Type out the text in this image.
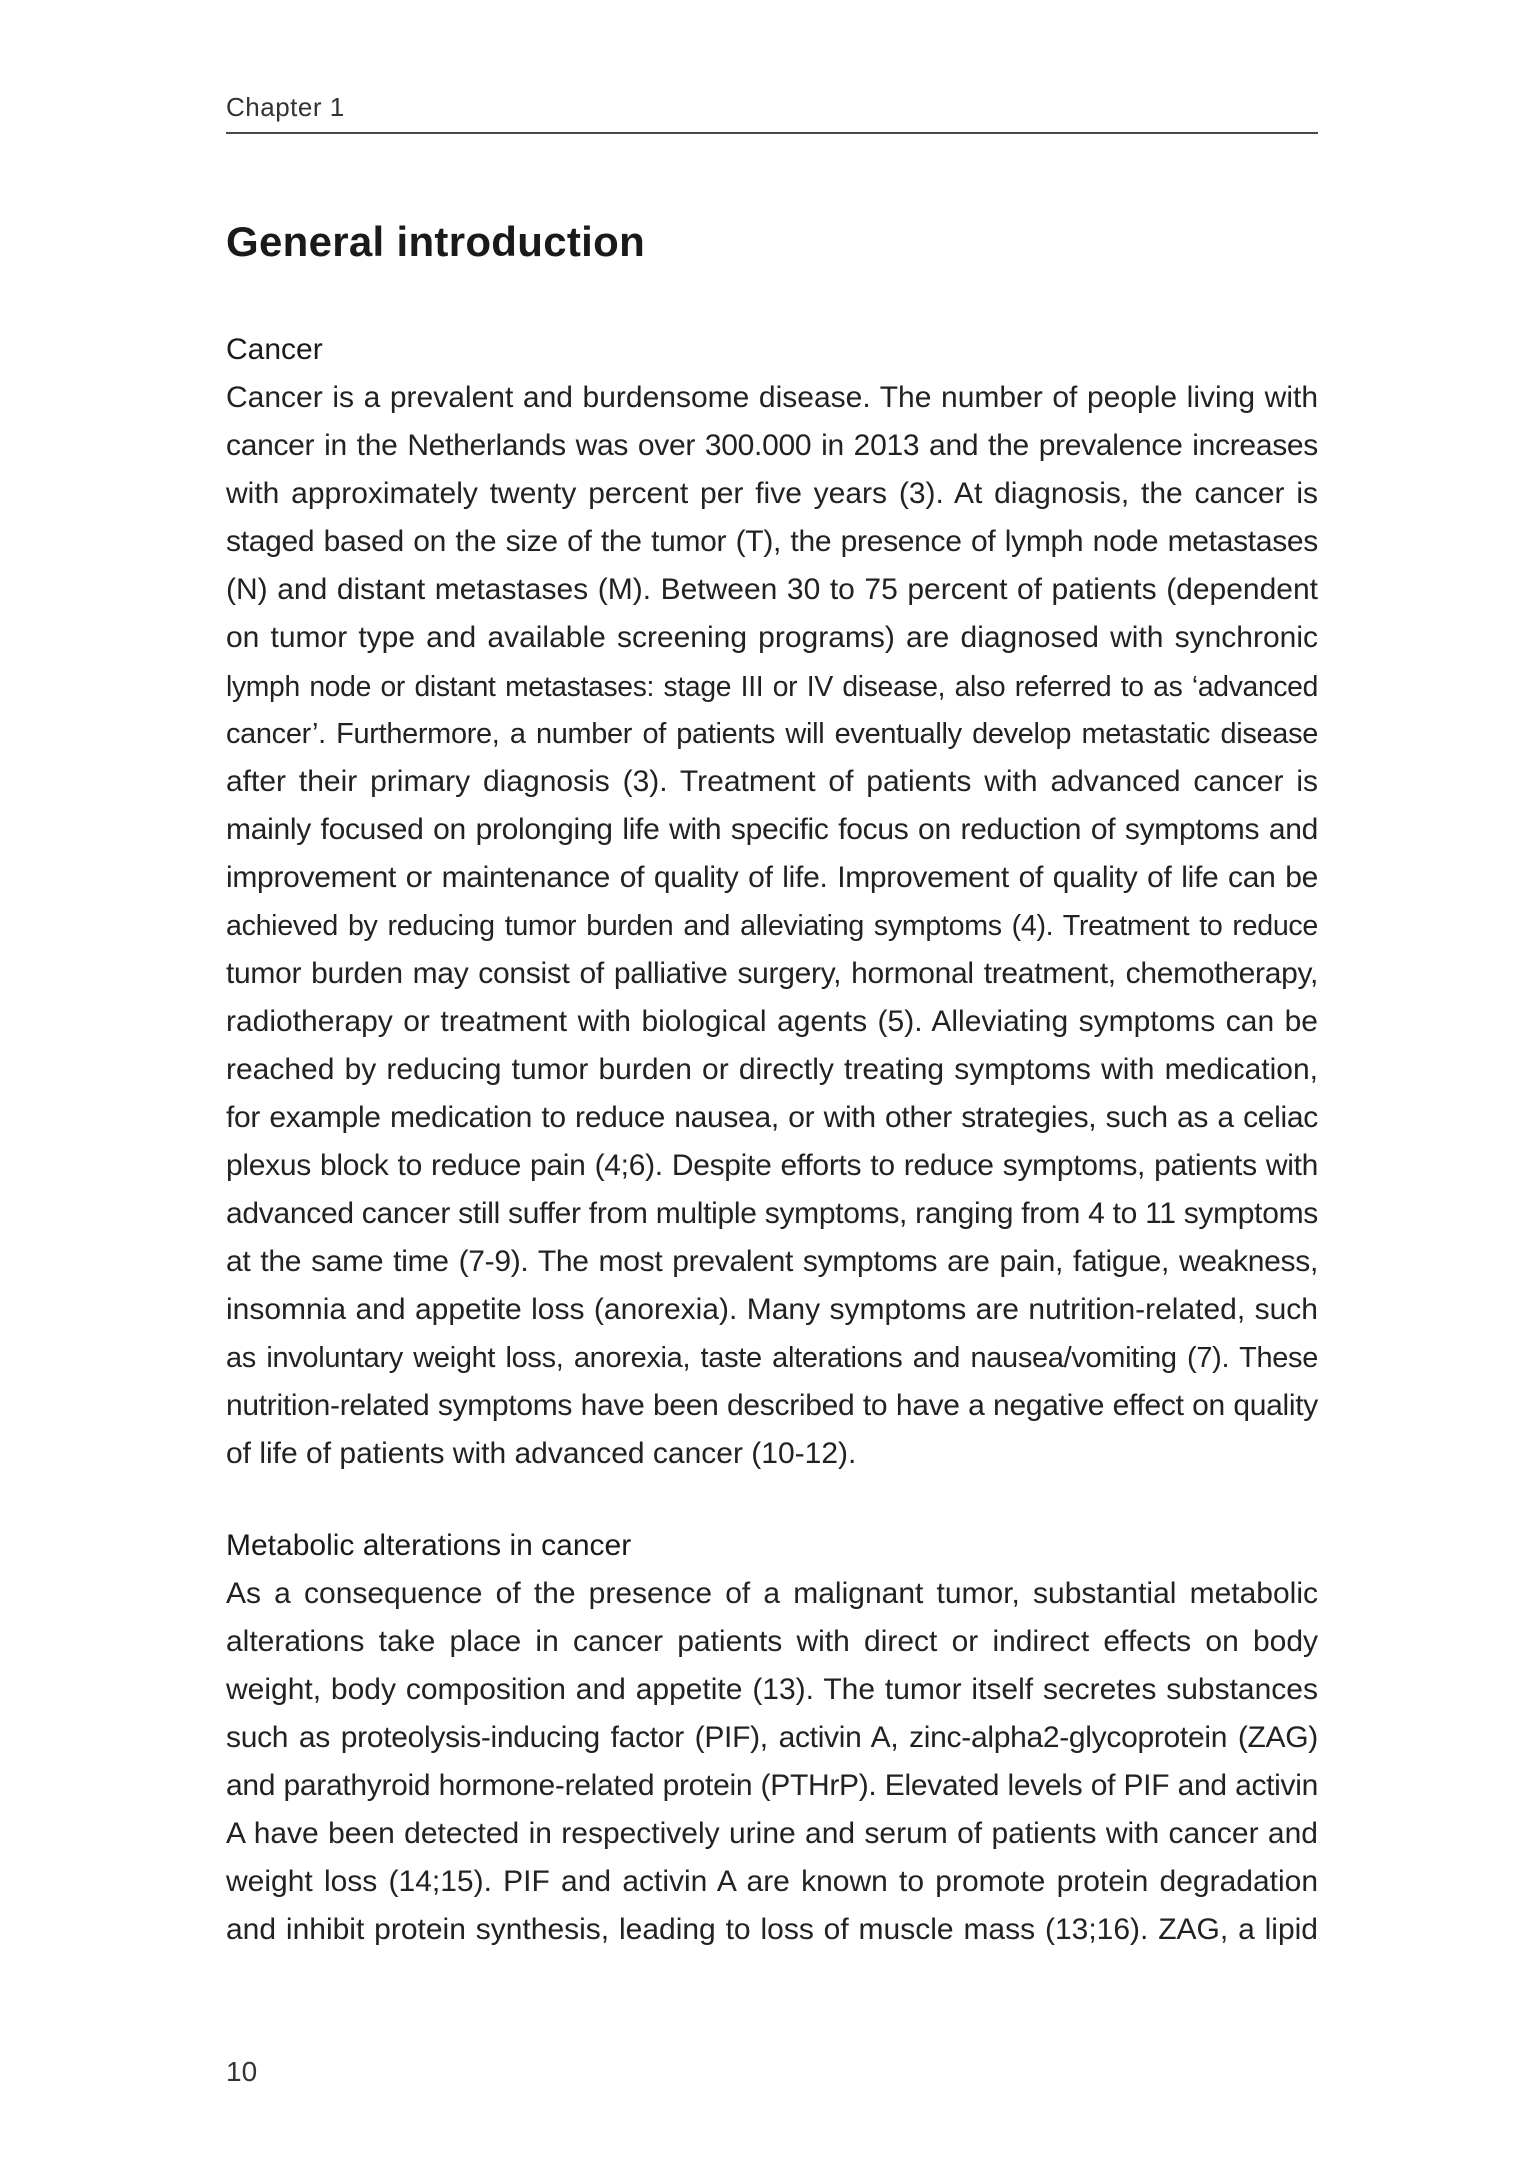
Chapter 1
General introduction
Cancer

Cancer is a prevalent and burdensome disease. The number of people living with
cancer in the Netherlands was over 300.000 in 2013 and the prevalence increases
with approximately twenty percent per five years (3). At diagnosis, the cancer is
staged based on the size of the tumor (T), the presence of lymph node metastases
(N) and distant metastases (M). Between 30 to 75 percent of patients (dependent
on tumor type and available screening programs) are diagnosed with synchronic
lymph node or distant metastases: stage III or IV disease, also referred to as ‘advanced
cancer’. Furthermore, a number of patients will eventually develop metastatic disease
after their primary diagnosis (3). Treatment of patients with advanced cancer is
mainly focused on prolonging life with specific focus on reduction of symptoms and
improvement or maintenance of quality of life. Improvement of quality of life can be
achieved by reducing tumor burden and alleviating symptoms (4). Treatment to reduce
tumor burden may consist of palliative surgery, hormonal treatment, chemotherapy,
radiotherapy or treatment with biological agents (5). Alleviating symptoms can be
reached by reducing tumor burden or directly treating symptoms with medication,
for example medication to reduce nausea, or with other strategies, such as a celiac
plexus block to reduce pain (4;6). Despite efforts to reduce symptoms, patients with
advanced cancer still suffer from multiple symptoms, ranging from 4 to 11 symptoms
at the same time (7-9). The most prevalent symptoms are pain, fatigue, weakness,
insomnia and appetite loss (anorexia). Many symptoms are nutrition-related, such
as involuntary weight loss, anorexia, taste alterations and nausea/vomiting (7). These
nutrition-related symptoms have been described to have a negative effect on quality
of life of patients with advanced cancer (10-12).

Metabolic alterations in cancer

As a consequence of the presence of a malignant tumor, substantial metabolic
alterations take place in cancer patients with direct or indirect effects on body
weight, body composition and appetite (13). The tumor itself secretes substances
such as proteolysis-inducing factor (PIF), activin A, zinc-alpha2-glycoprotein (ZAG)
and parathyroid hormone-related protein (PTHrP). Elevated levels of PIF and activin
A have been detected in respectively urine and serum of patients with cancer and
weight loss (14;15). PIF and activin A are known to promote protein degradation
and inhibit protein synthesis, leading to loss of muscle mass (13;16). ZAG, a lipid

10
